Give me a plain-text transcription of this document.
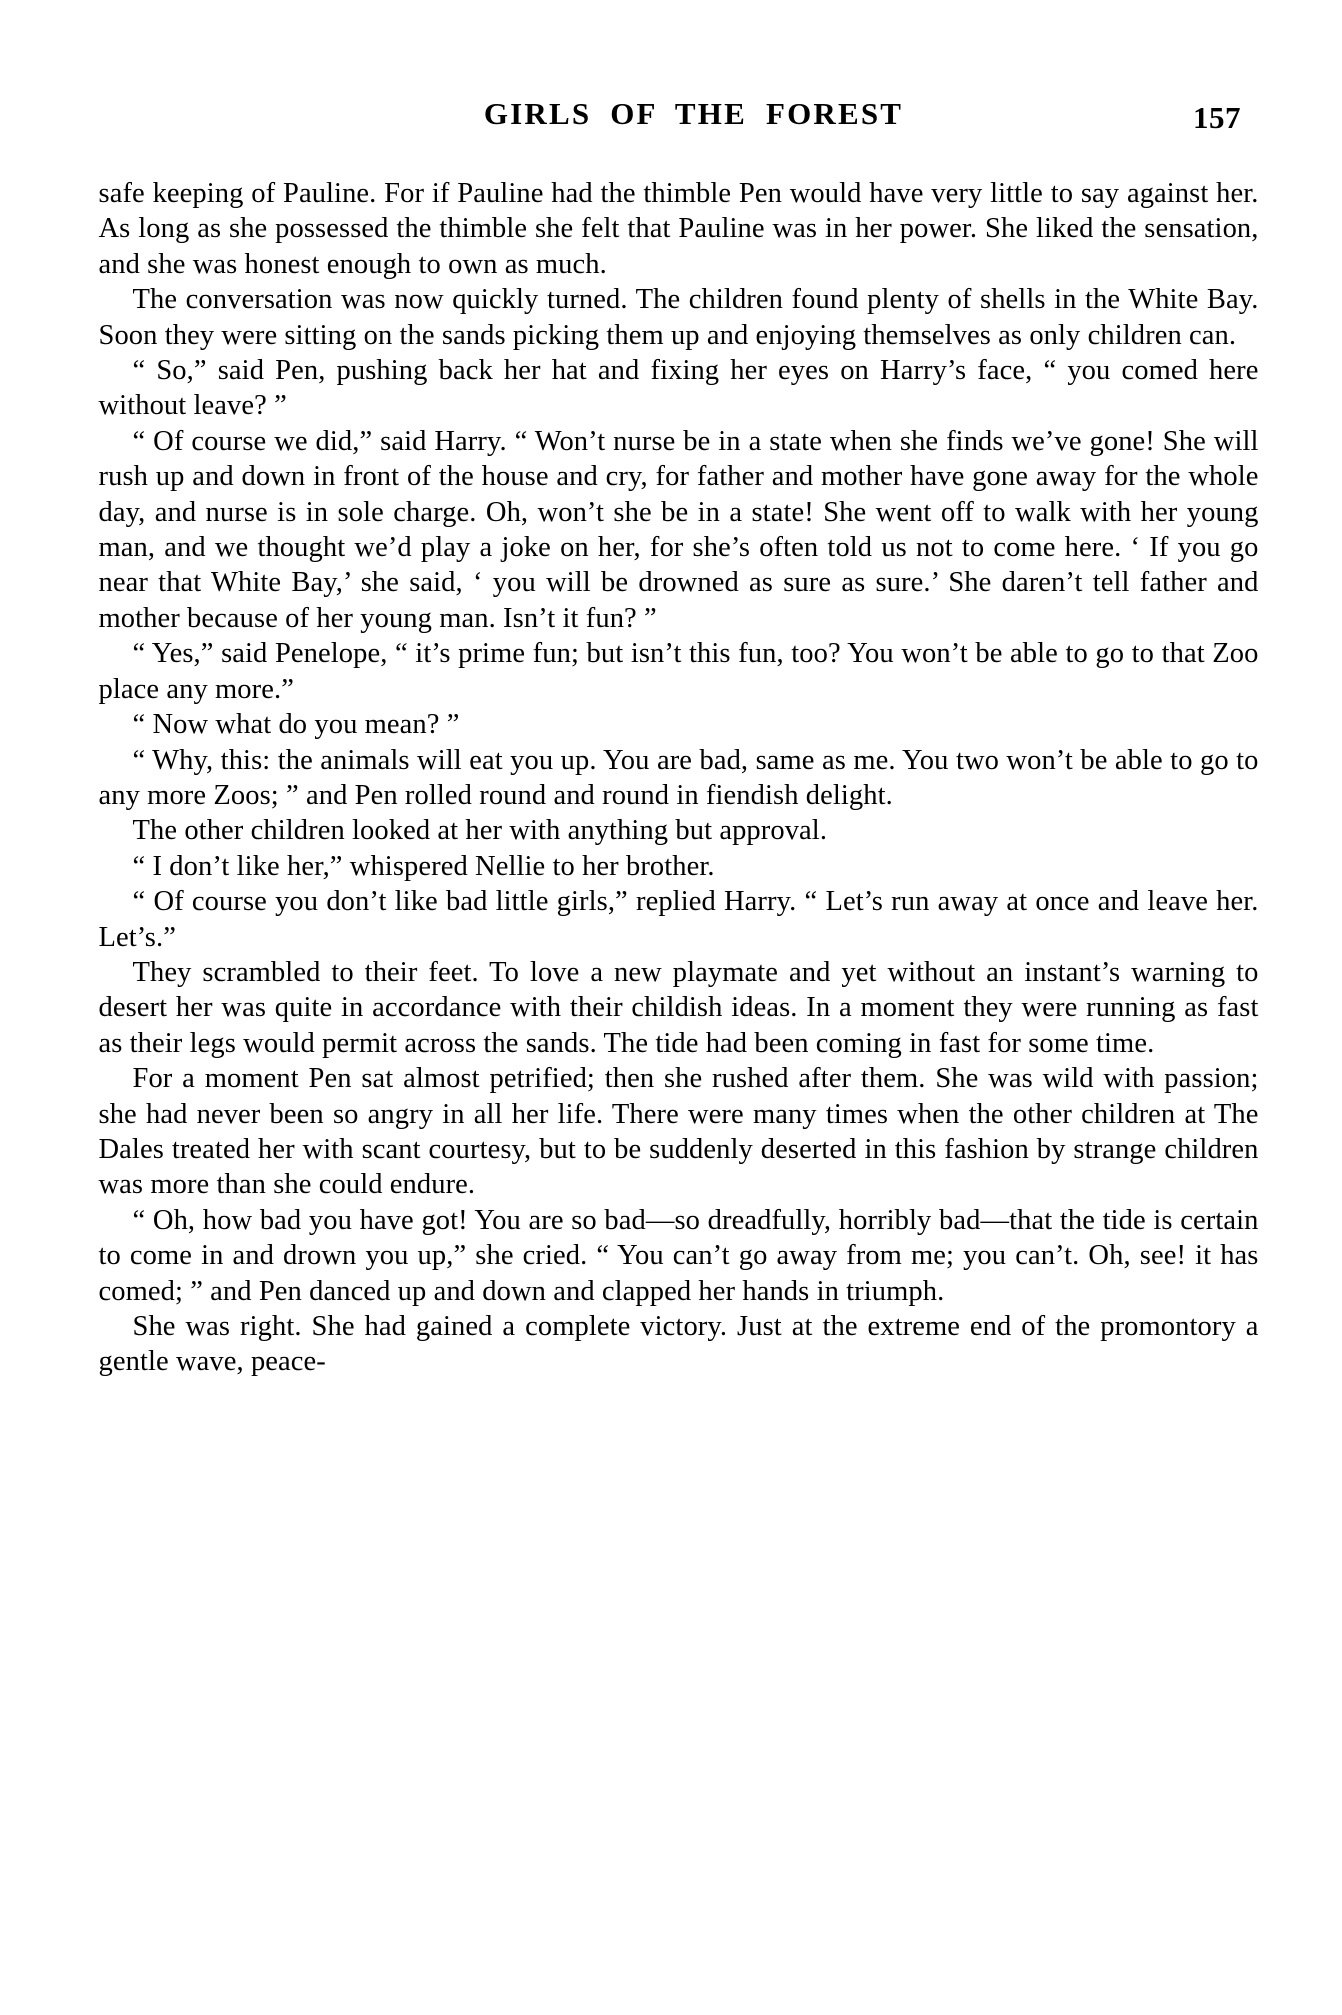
GIRLS OF THE FOREST	157

safe keeping of Pauline. For if Pauline had the thimble Pen would have very little to say against her. As long as she possessed the thimble she felt that Pauline was in her power. She liked the sensation, and she was honest enough to own as much.

The conversation was now quickly turned. The children found plenty of shells in the White Bay. Soon they were sitting on the sands picking them up and enjoying themselves as only children can.

“ So,” said Pen, pushing back her hat and fixing her eyes on Harry’s face, “ you comed here without leave? ”

“ Of course we did,” said Harry. “ Won’t nurse be in a state when she finds we’ve gone! She will rush up and down in front of the house and cry, for father and mother have gone away for the whole day, and nurse is in sole charge. Oh, won’t she be in a state! She went off to walk with her young man, and we thought we’d play a joke on her, for she’s often told us not to come here. ‘ If you go near that White Bay,’ she said, ‘ you will be drowned as sure as sure.’ She daren’t tell father and mother because of her young man. Isn’t it fun? ”

“ Yes,” said Penelope, “ it’s prime fun; but isn’t this fun, too? You won’t be able to go to that Zoo place any more.”

“ Now what do you mean? ”

“ Why, this: the animals will eat you up. You are bad, same as me. You two won’t be able to go to any more Zoos; ” and Pen rolled round and round in fiendish delight.

The other children looked at her with anything but approval.

“ I don’t like her,” whispered Nellie to her brother.

“ Of course you don’t like bad little girls,” replied Harry. “ Let’s run away at once and leave her. Let’s.”

They scrambled to their feet. To love a new playmate and yet without an instant’s warning to desert her was quite in accordance with their childish ideas. In a moment they were running as fast as their legs would permit across the sands. The tide had been coming in fast for some time.

For a moment Pen sat almost petrified; then she rushed after them. She was wild with passion; she had never been so angry in all her life. There were many times when the other children at The Dales treated her with scant courtesy, but to be suddenly deserted in this fashion by strange children was more than she could endure.

“ Oh, how bad you have got! You are so bad—so dreadfully, horribly bad—that the tide is certain to come in and drown you up,” she cried. “ You can’t go away from me; you can’t. Oh, see! it has comed; ” and Pen danced up and down and clapped her hands in triumph.

She was right. She had gained a complete victory. Just at the extreme end of the promontory a gentle wave, peace-
